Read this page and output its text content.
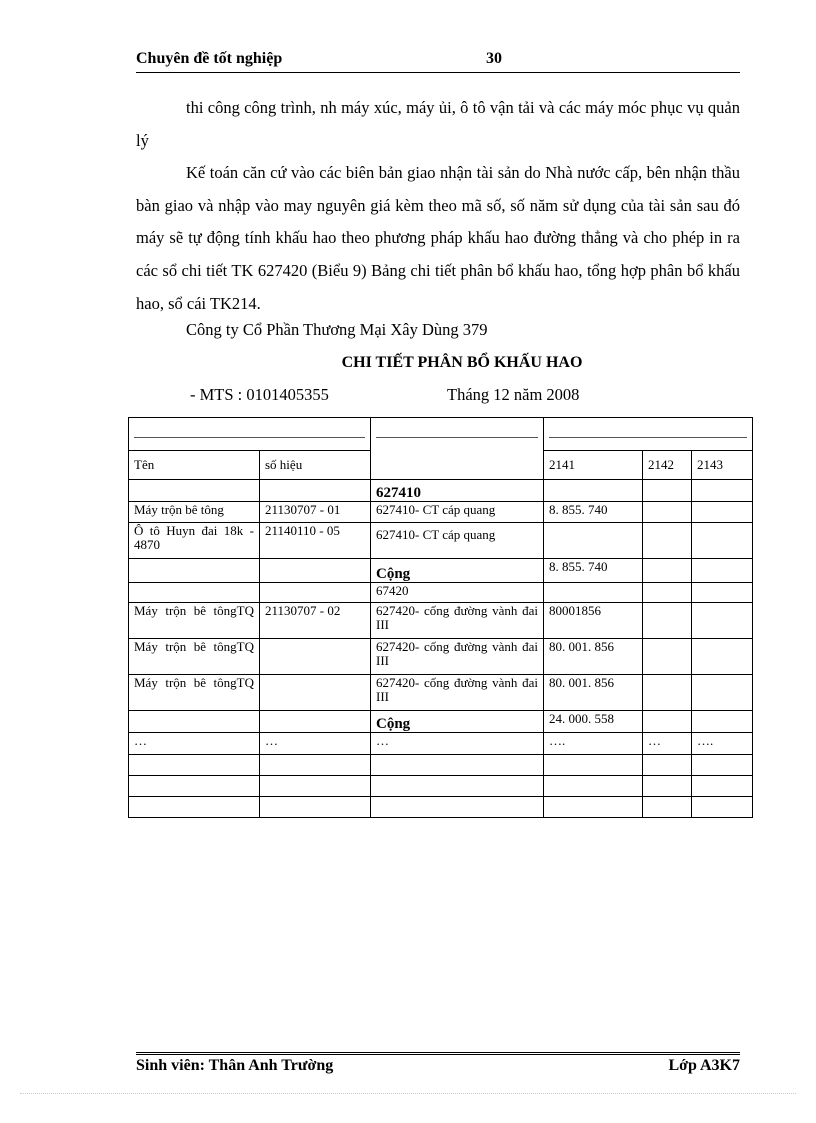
Chuyên đề tốt nghiệp	30

thi công công trình, nh máy xúc, máy ủi, ô tô vận tải và các máy móc phục vụ quản lý

Kế toán căn cứ vào các biên bản giao nhận tài sản do Nhà nước cấp, bên nhận thầu bàn giao và nhập vào may nguyên giá kèm theo mã số, số năm sử dụng của tài sản sau đó máy sẽ tự động tính khấu hao theo phương pháp khấu hao đường thẳng và cho phép in ra các sổ chi tiết TK 627420 (Biểu 9) Bảng chi tiết phân bổ khấu hao, tổng hợp phân bổ khấu hao, sổ cái TK214.

Công ty Cổ Phần Thương Mại Xây Dùng 379
CHI TIẾT PHÂN BỔ KHẤU HAO
- MTS : 0101405355	Tháng 12 năm 2008

Tên	số hiệu		2141	2142	2143
		627410			
Máy trộn bê tông	21130707 - 01	627410- CT cáp quang	8. 855. 740		
Ô tô Huyn đai 18k - 4870	21140110 - 05	627410- CT cáp quang			
		Cộng	8. 855. 740		
		67420			
Máy trộn bê tôngTQ	21130707 - 02	627420- cống đường vành đai III	80001856		
Máy trộn bê tôngTQ		627420- cống đường vành đai III	80. 001. 856		
Máy trộn bê tôngTQ		627420- cống đường vành đai III	80. 001. 856		
		Cộng	24. 000. 558		
…	…	…	….	…	….

Sinh viên: Thân Anh Trường	Lớp A3K7
